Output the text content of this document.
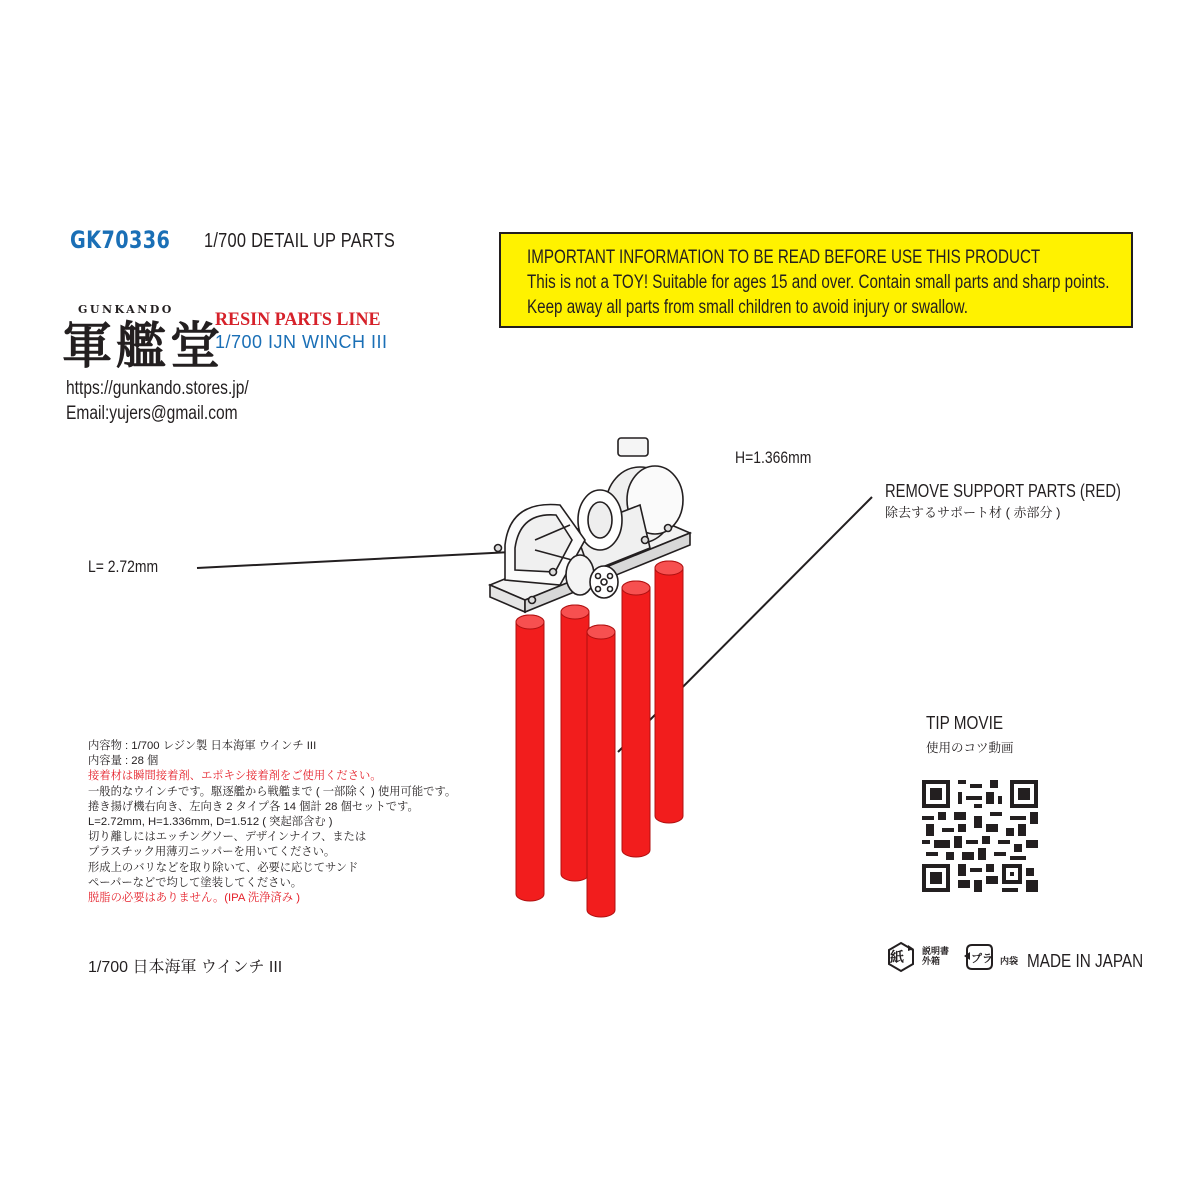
GK70336 1/700 DETAIL UP PARTS
IMPORTANT INFORMATION TO BE READ BEFORE USE THIS PRODUCT
This is not a TOY! Suitable for ages 15 and over. Contain small parts and sharp points.
Keep away all parts from small children to avoid injury or swallow.
GUNKANDO
軍艦堂
RESIN PARTS LINE
1/700 IJN WINCH III
https://gunkando.stores.jp/
Email:yujers@gmail.com
H=1.366mm
L= 2.72mm
REMOVE SUPPORT PARTS (RED)
除去するサポート材 ( 赤部分 )
内容物 : 1/700 レジン製 日本海軍 ウインチ III
内容量 : 28 個
接着材は瞬間接着剤、エポキシ接着剤をご使用ください。
一般的なウインチです。駆逐艦から戦艦まで ( 一部除く ) 使用可能です。
捲き揚げ機右向き、左向き 2 タイプ各 14 個計 28 個セットです。
L=2.72mm, H=1.336mm, D=1.512 ( 突起部含む )
切り離しにはエッチングソー、デザインナイフ、または
プラスチック用薄刃ニッパーを用いてください。
形成上のバリなどを取り除いて、必要に応じてサンド
ペーパーなどで均して塗装してください。
脱脂の必要はありません。(IPA 洗浄済み )
1/700 日本海軍 ウインチ III
TIP MOVIE
使用のコツ動画
紙 説明書
外箱	プラ 内袋 MADE IN JAPAN
